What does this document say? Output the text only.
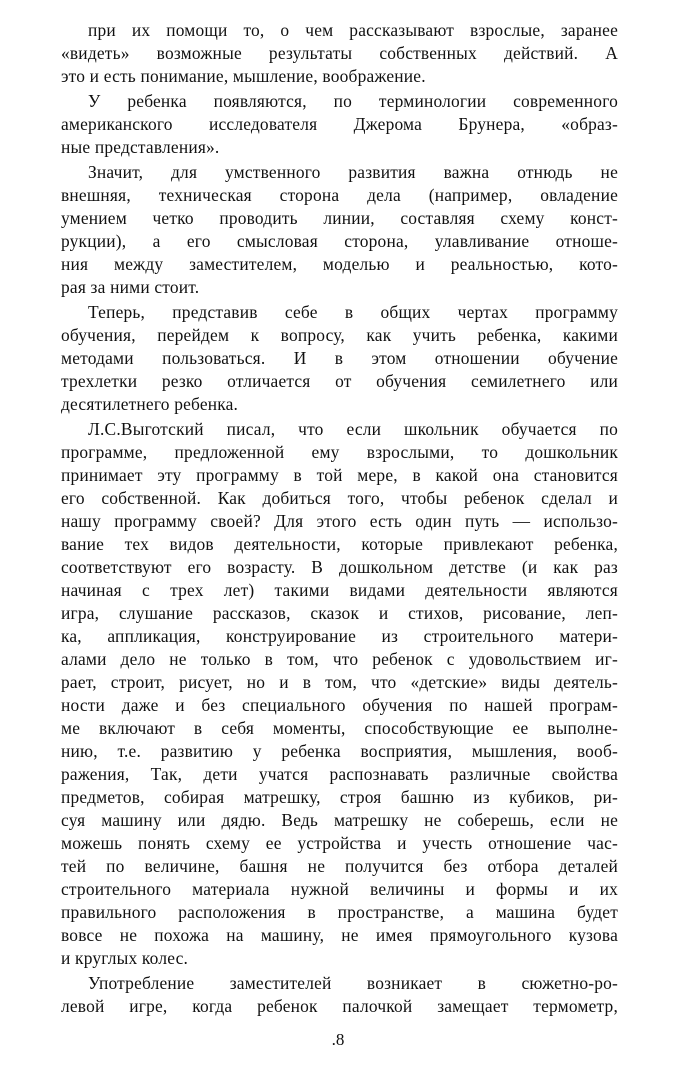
при их помощи то, о чем рассказывают взрослые, заранее
«видеть» возможные результаты собственных действий. А
это и есть понимание, мышление, воображение.
У ребенка появляются, по терминологии современного
американского исследователя Джерома Брунера, «образ-
ные представления».
Значит, для умственного развития важна отнюдь не
внешняя, техническая сторона дела (например, овладение
умением четко проводить линии, составляя схему конст-
рукции), а его смысловая сторона, улавливание отноше-
ния между заместителем, моделью и реальностью, кото-
рая за ними стоит.
Теперь, представив себе в общих чертах программу
обучения, перейдем к вопросу, как учить ребенка, какими
методами пользоваться. И в этом отношении обучение
трехлетки резко отличается от обучения семилетнего или
десятилетнего ребенка.
Л.С.Выготский писал, что если школьник обучается по
программе, предложенной ему взрослыми, то дошкольник
принимает эту программу в той мере, в какой она становится
его собственной. Как добиться того, чтобы ребенок сделал и
нашу программу своей? Для этого есть один путь — использо-
вание тех видов деятельности, которые привлекают ребенка,
соответствуют его возрасту. В дошкольном детстве (и как раз
начиная с трех лет) такими видами деятельности являются
игра, слушание рассказов, сказок и стихов, рисование, леп-
ка, аппликация, конструирование из строительного матери-
алами дело не только в том, что ребенок с удовольствием иг-
рает, строит, рисует, но и в том, что «детские» виды деятель-
ности даже и без специального обучения по нашей програм-
ме включают в себя моменты, способствующие ее выполне-
нию, т.е. развитию у ребенка восприятия, мышления, вооб-
ражения, Так, дети учатся распознавать различные свойства
предметов, собирая матрешку, строя башню из кубиков, ри-
суя машину или дядю. Ведь матрешку не соберешь, если не
можешь понять схему ее устройства и учесть отношение час-
тей по величине, башня не получится без отбора деталей
строительного материала нужной величины и формы и их
правильного расположения в пространстве, а машина будет
вовсе не похожа на машину, не имея прямоугольного кузова
и круглых колес.
Употребление заместителей возникает в сюжетно-ро-
левой игре, когда ребенок палочкой замещает термометр,
.8
